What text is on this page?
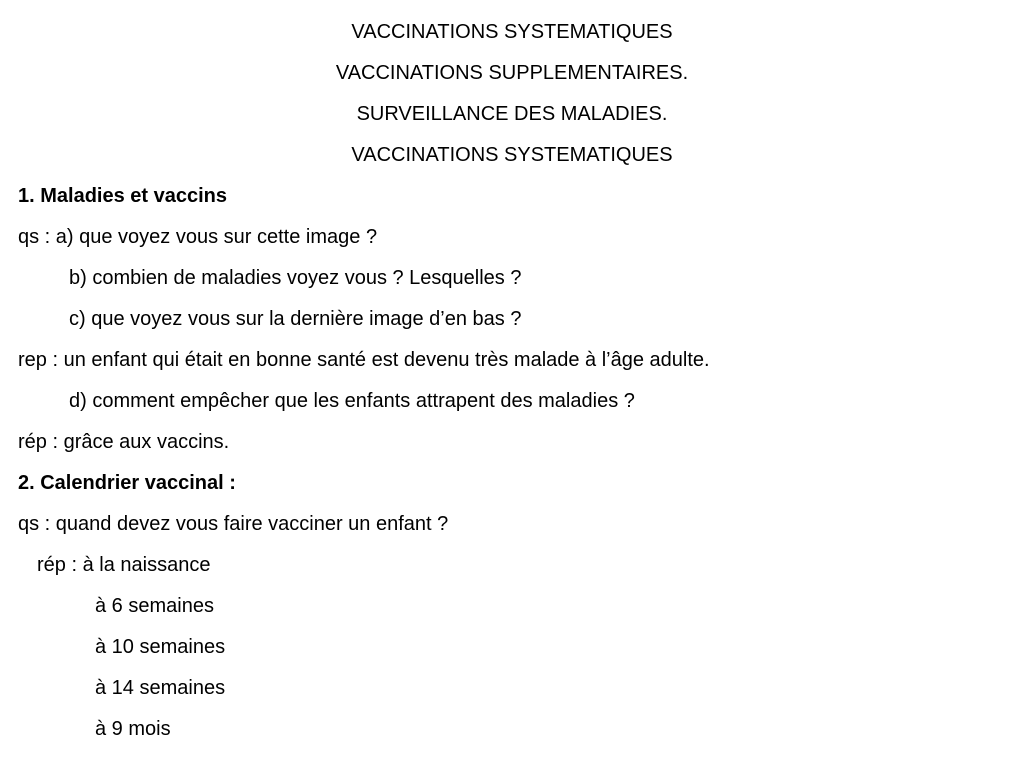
VACCINATIONS SYSTEMATIQUES
VACCINATIONS SUPPLEMENTAIRES.
SURVEILLANCE DES MALADIES.
VACCINATIONS SYSTEMATIQUES
1. Maladies et vaccins
qs : a) que voyez vous sur cette image ?
b) combien de maladies voyez vous ? Lesquelles ?
c) que voyez vous sur la dernière image d’en bas ?
rep : un enfant qui était en bonne santé est devenu très malade à l’âge adulte.
d) comment empêcher que les enfants attrapent des maladies ?
rép : grâce aux vaccins.
2. Calendrier vaccinal :
qs : quand devez vous faire vacciner un enfant ?
rép : à la naissance
à 6 semaines
à 10 semaines
à 14 semaines
à 9 mois
